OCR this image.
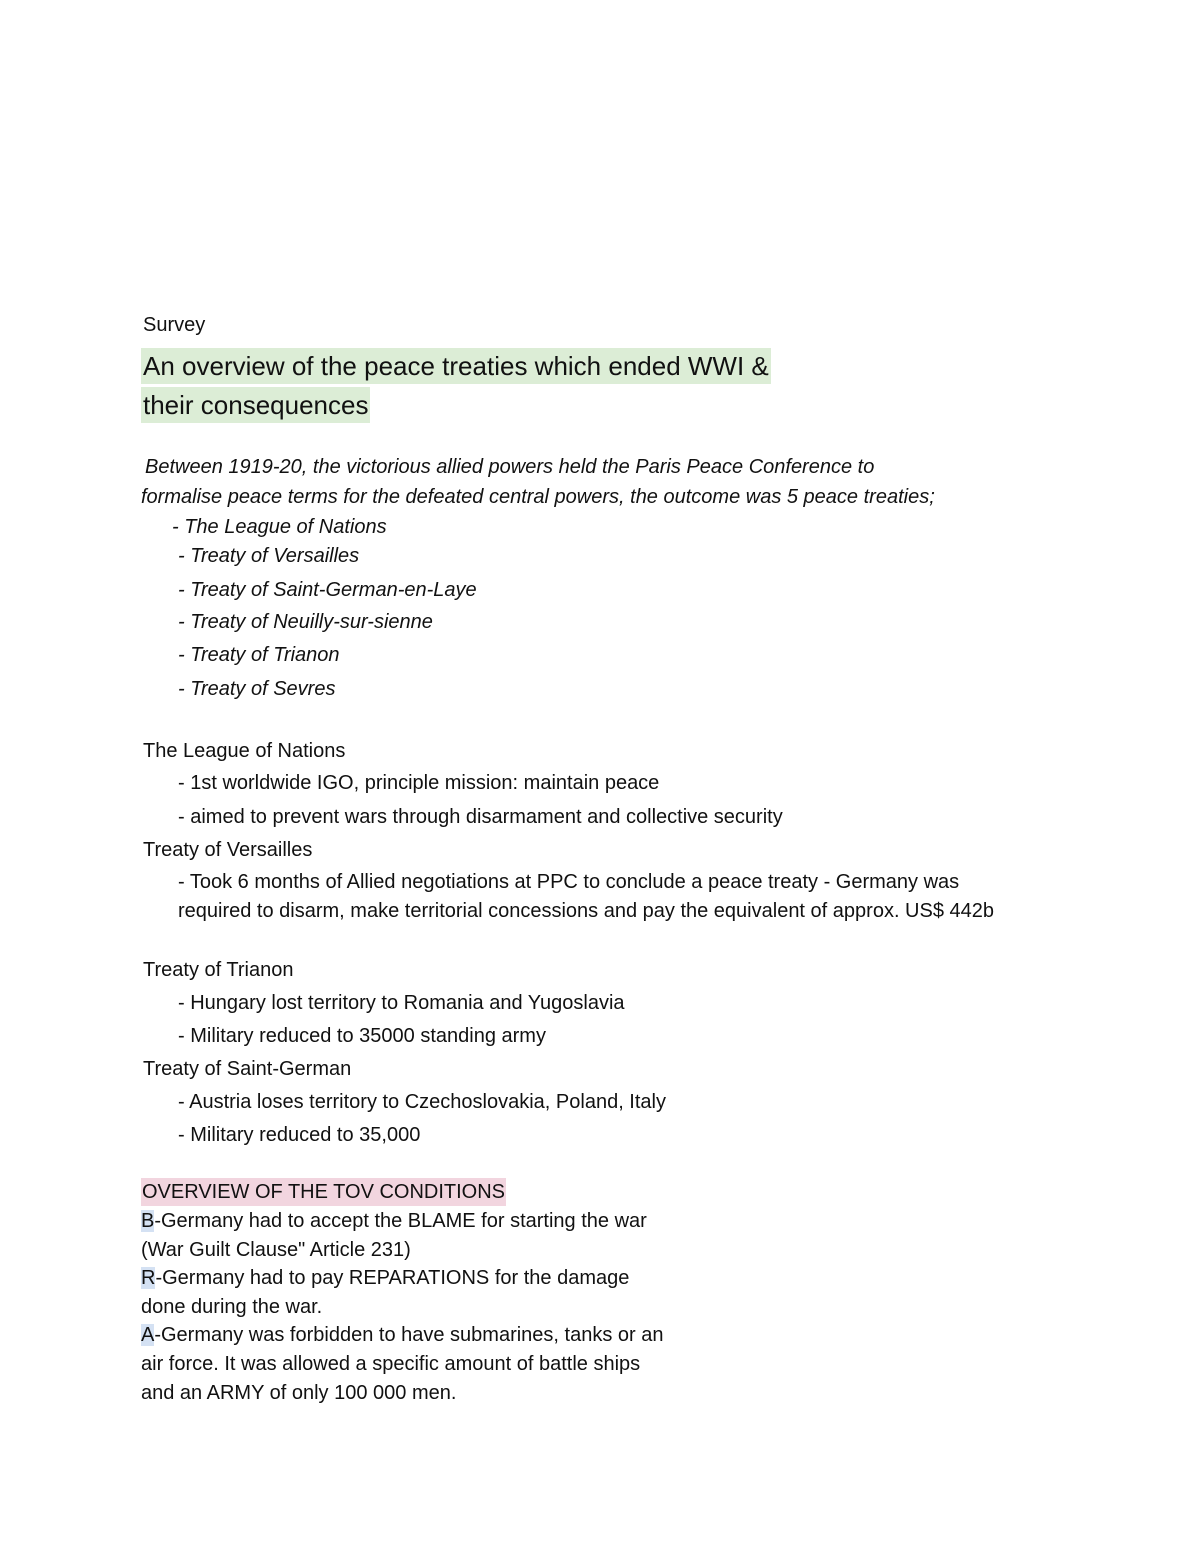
Survey
An overview of the peace treaties which ended WWI &
their consequences
Between 1919-20, the victorious allied powers held the Paris Peace Conference to
formalise peace terms for the defeated central powers, the outcome was 5 peace treaties;
- The League of Nations
- Treaty of Versailles
- Treaty of Saint-German-en-Laye
- Treaty of Neuilly-sur-sienne
- Treaty of Trianon
- Treaty of Sevres
The League of Nations
- 1st worldwide IGO, principle mission: maintain peace
- aimed to prevent wars through disarmament and collective security
Treaty of Versailles
- Took 6 months of Allied negotiations at PPC to conclude a peace treaty - Germany was required to disarm, make territorial concessions and pay the equivalent of approx. US$ 442b
Treaty of Trianon
- Hungary lost territory to Romania and Yugoslavia
- Military reduced to 35000 standing army
Treaty of Saint-German
- Austria loses territory to Czechoslovakia, Poland, Italy
- Military reduced to 35,000
OVERVIEW OF THE TOV CONDITIONS
B-Germany had to accept the BLAME for starting the war
(War Guilt Clause" Article 231)
R-Germany had to pay REPARATIONS for the damage
done during the war.
A-Germany was forbidden to have submarines, tanks or an
air force. It was allowed a specific amount of battle ships
and an ARMY of only 100 000 men.
